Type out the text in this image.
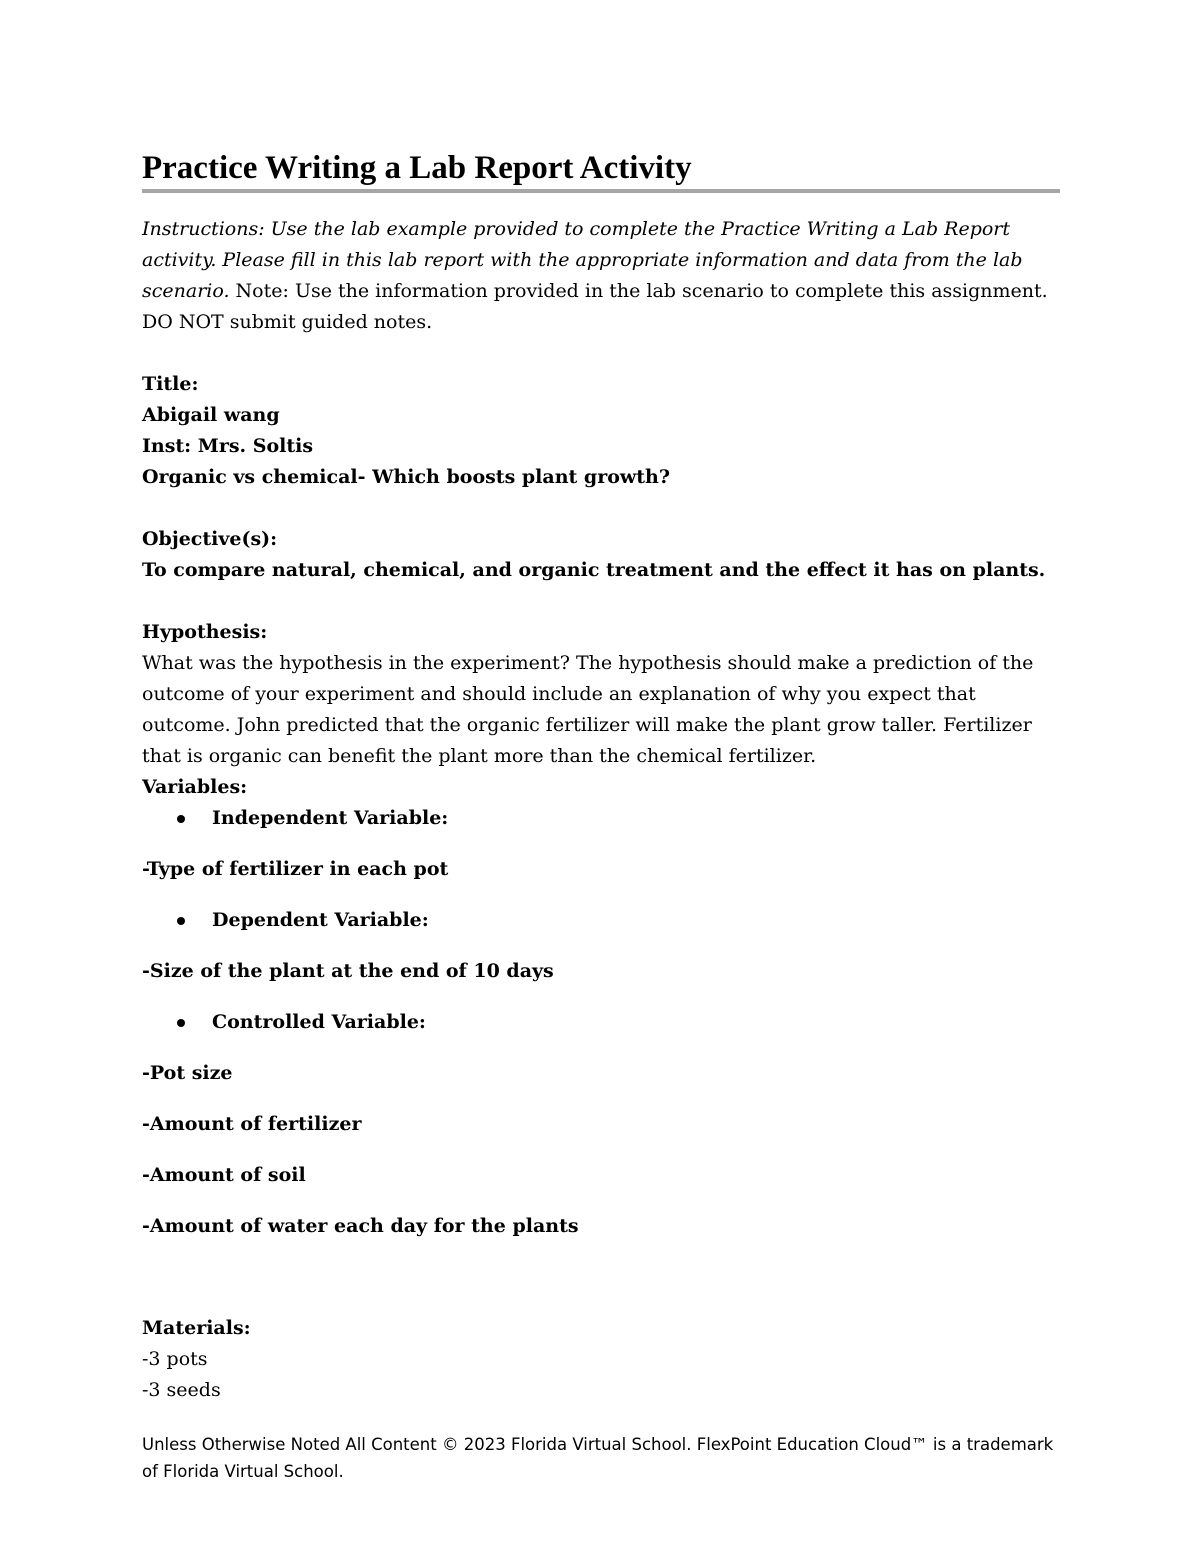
Practice Writing a Lab Report Activity

Instructions: Use the lab example provided to complete the Practice Writing a Lab Report activity. Please fill in this lab report with the appropriate information and data from the lab scenario. Note: Use the information provided in the lab scenario to complete this assignment. DO NOT submit guided notes.

Title:
Abigail wang
Inst: Mrs. Soltis
Organic vs chemical- Which boosts plant growth?
Objective(s):
To compare natural, chemical, and organic treatment and the effect it has on plants.
Hypothesis:

What was the hypothesis in the experiment? The hypothesis should make a prediction of the outcome of your experiment and should include an explanation of why you expect that outcome. John predicted that the organic fertilizer will make the plant grow taller. Fertilizer that is organic can benefit the plant more than the chemical fertilizer.

Variables:
Independent Variable:
-Type of fertilizer in each pot
Dependent Variable:
-Size of the plant at the end of 10 days
Controlled Variable:
-Pot size
-Amount of fertilizer
-Amount of soil
-Amount of water each day for the plants
Materials:
-3 pots
-3 seeds
Unless Otherwise Noted All Content © 2023 Florida Virtual School. FlexPoint Education Cloud™ is a trademark of Florida Virtual School.
